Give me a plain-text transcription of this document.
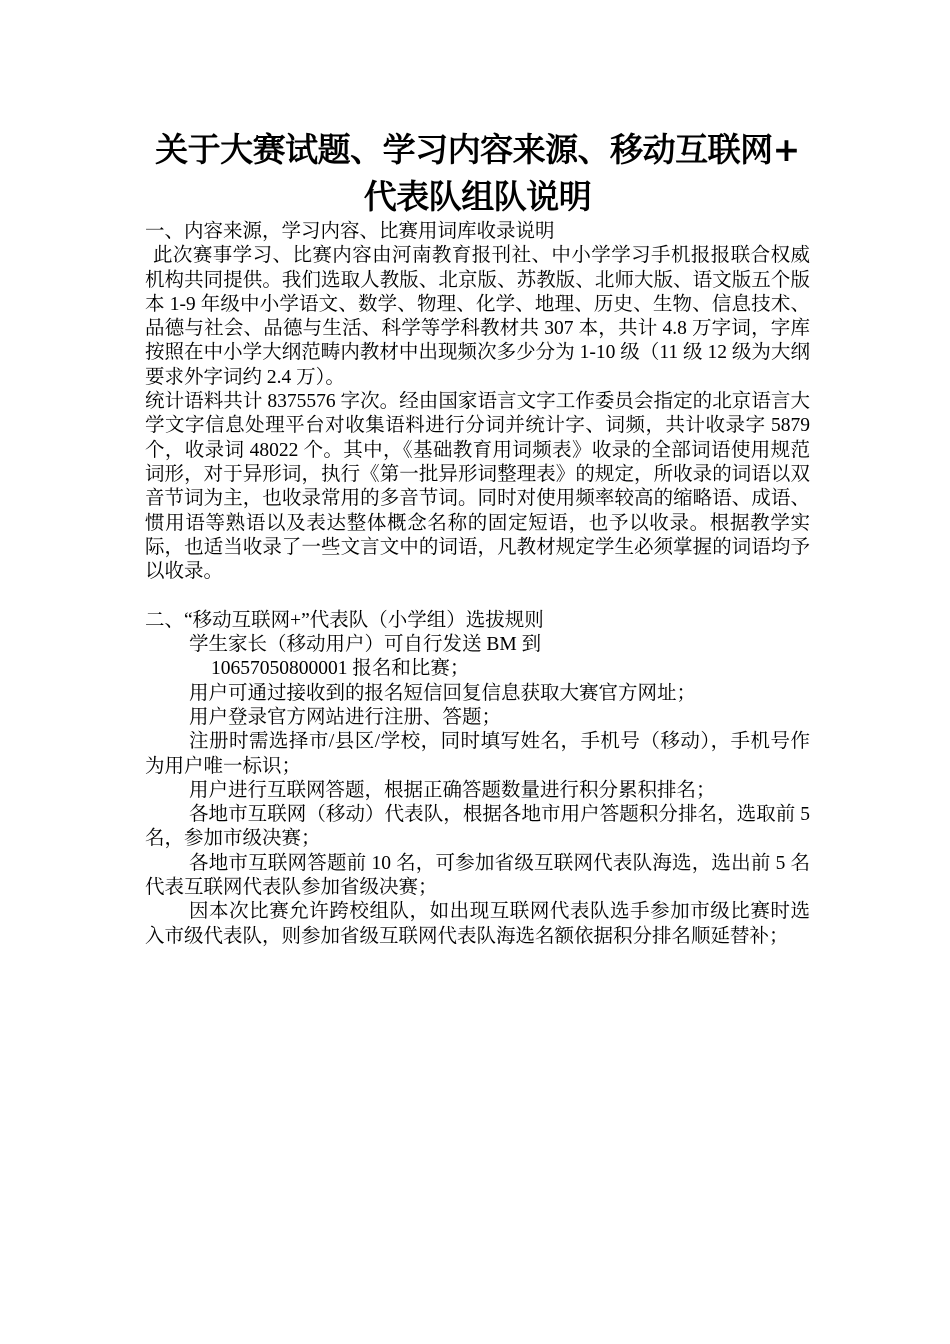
关于大赛试题、学习内容来源、移动互联网+
代表队组队说明

一、内容来源，学习内容、比赛用词库收录说明

此次赛事学习、比赛内容由河南教育报刊社、中小学学习手机报报联合权威机构共同提供。我们选取人教版、北京版、苏教版、北师大版、语文版五个版本 1-9 年级中小学语文、数学、物理、化学、地理、历史、生物、信息技术、品德与社会、品德与生活、科学等学科教材共 307 本，共计 4.8 万字词，字库按照在中小学大纲范畴内教材中出现频次多少分为 1-10 级（11 级 12 级为大纲要求外字词约 2.4 万）。

统计语料共计 8375576 字次。经由国家语言文字工作委员会指定的北京语言大学文字信息处理平台对收集语料进行分词并统计字、词频，共计收录字 5879 个，收录词 48022 个。其中，《基础教育用词频表》收录的全部词语使用规范词形，对于异形词，执行《第一批异形词整理表》的规定，所收录的词语以双音节词为主，也收录常用的多音节词。同时对使用频率较高的缩略语、成语、惯用语等熟语以及表达整体概念名称的固定短语，也予以收录。根据教学实际，也适当收录了一些文言文中的词语，凡教材规定学生必须掌握的词语均予以收录。

二、“移动互联网+”代表队（小学组）选拔规则

学生家长（移动用户）可自行发送 BM 到

10657050800001 报名和比赛；

用户可通过接收到的报名短信回复信息获取大赛官方网址；

用户登录官方网站进行注册、答题；

注册时需选择市/县区/学校，同时填写姓名，手机号（移动），手机号作为用户唯一标识；

用户进行互联网答题，根据正确答题数量进行积分累积排名；

各地市互联网（移动）代表队，根据各地市用户答题积分排名，选取前 5 名，参加市级决赛；

各地市互联网答题前 10 名，可参加省级互联网代表队海选，选出前 5 名代表互联网代表队参加省级决赛；

因本次比赛允许跨校组队，如出现互联网代表队选手参加市级比赛时选入市级代表队，则参加省级互联网代表队海选名额依据积分排名顺延替补；
